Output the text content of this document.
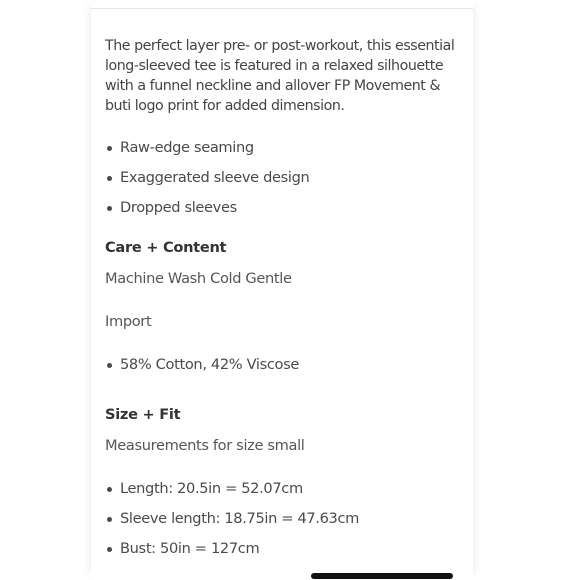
The perfect layer pre- or post-workout, this essential long-sleeved tee is featured in a relaxed silhouette with a funnel neckline and allover FP Movement & buti logo print for added dimension.

Raw-edge seaming
Exaggerated sleeve design
Dropped sleeves
Care + Content

Machine Wash Cold Gentle

Import

58% Cotton, 42% Viscose
Size + Fit

Measurements for size small

Length: 20.5in = 52.07cm
Sleeve length: 18.75in = 47.63cm
Bust: 50in = 127cm
